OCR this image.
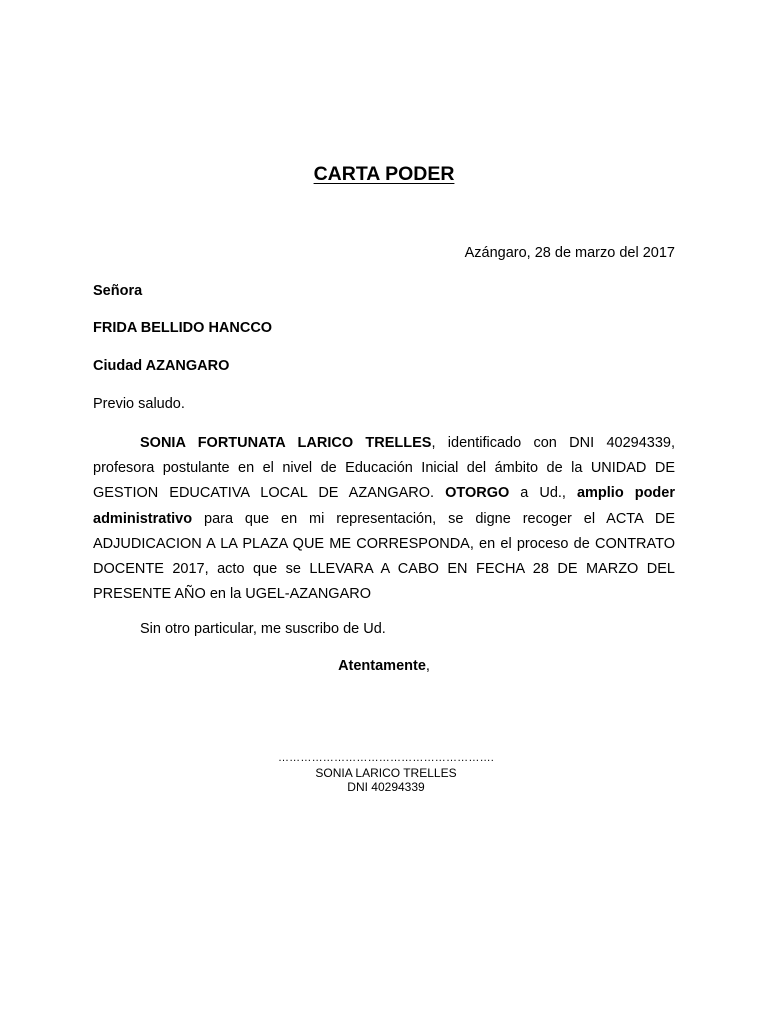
CARTA PODER
Azángaro, 28 de marzo del 2017
Señora
FRIDA BELLIDO HANCCO
Ciudad AZANGARO
Previo saludo.

SONIA FORTUNATA LARICO TRELLES, identificado con DNI 40294339, profesora postulante en el nivel de Educación Inicial del ámbito de la UNIDAD DE GESTION EDUCATIVA LOCAL DE AZANGARO. OTORGO a Ud., amplio poder administrativo para que en mi representación, se digne recoger el ACTA DE ADJUDICACION A LA PLAZA QUE ME CORRESPONDA, en el proceso de CONTRATO DOCENTE 2017, acto que se LLEVARA A CABO EN FECHA 28 DE MARZO DEL PRESENTE AÑO en la UGEL-AZANGARO

Sin otro particular, me suscribo de Ud.
Atentamente,
………………………………………………….
SONIA LARICO TRELLES
DNI 40294339
